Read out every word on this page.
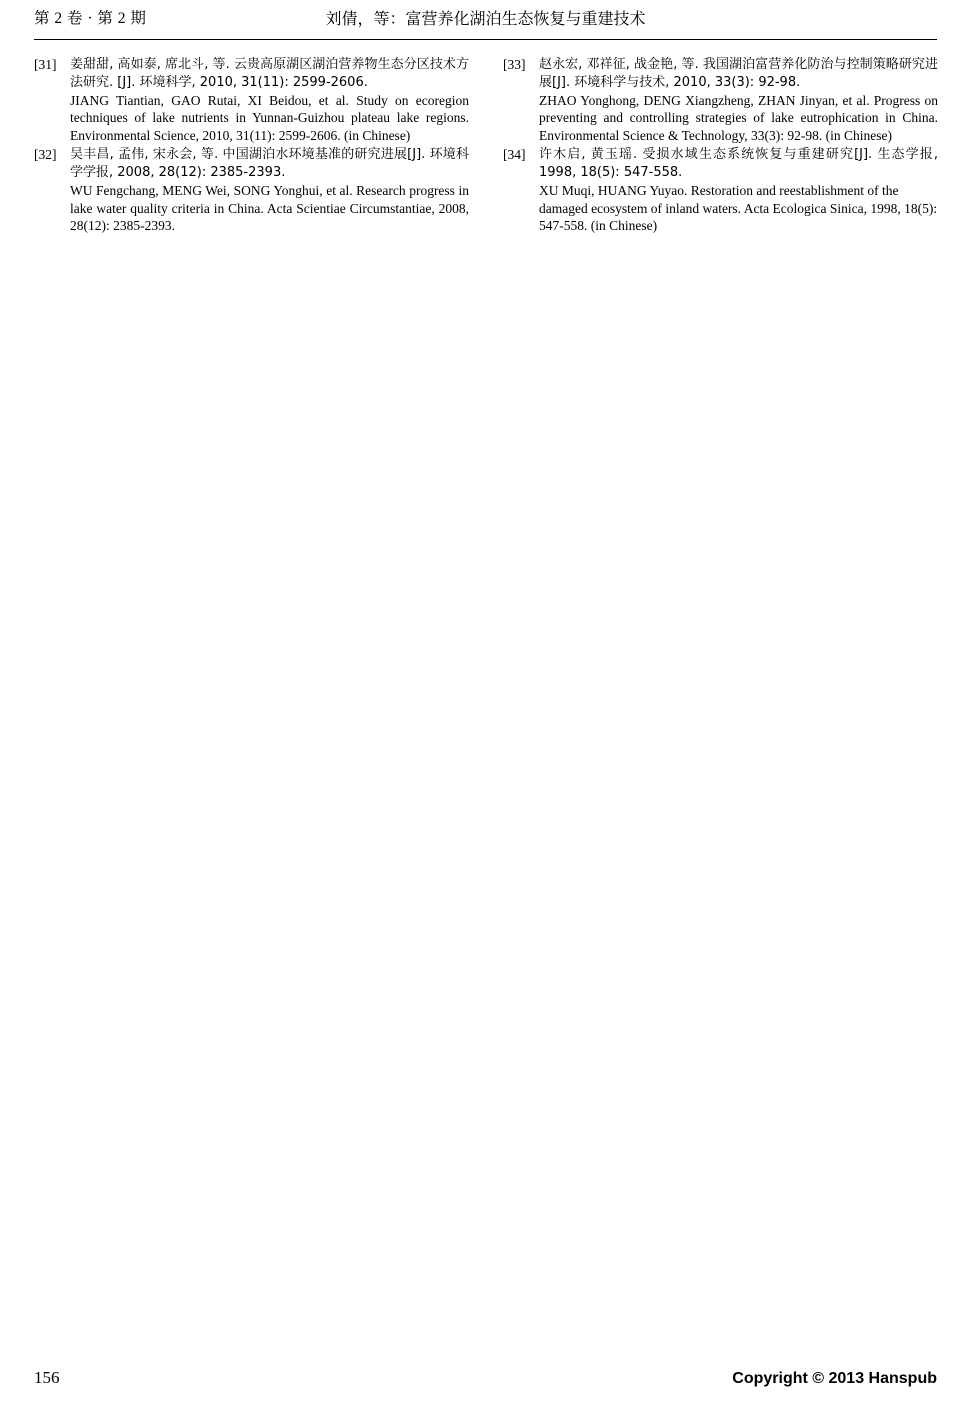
第 2 卷 · 第 2 期	刘倩，等：富营养化湖泊生态恢复与重建技术
[31]	姜甜甜, 高如泰, 席北斗, 等. 云贵高原湖区湖泊营养物生态分区技术方法研究. [J]. 环境科学, 2010, 31(11): 2599-2606.
JIANG Tiantian, GAO Rutai, XI Beidou, et al. Study on ecoregion techniques of lake nutrients in Yunnan-Guizhou plateau lake regions. Environmental Science, 2010, 31(11): 2599-2606. (in Chinese)
[32]	吴丰昌, 孟伟, 宋永会, 等. 中国湖泊水环境基准的研究进展[J]. 环境科学学报, 2008, 28(12): 2385-2393.
WU Fengchang, MENG Wei, SONG Yonghui, et al. Research progress in lake water quality criteria in China. Acta Scientiae Circumstantiae, 2008, 28(12): 2385-2393.
[33]	赵永宏, 邓祥征, 战金艳, 等. 我国湖泊富营养化防治与控制策略研究进展[J]. 环境科学与技术, 2010, 33(3): 92-98.
ZHAO Yonghong, DENG Xiangzheng, ZHAN Jinyan, et al. Progress on preventing and controlling strategies of lake eutrophication in China. Environmental Science & Technology, 33(3): 92-98. (in Chinese)
[34]	许木启, 黄玉瑶. 受损水域生态系统恢复与重建研究[J]. 生态学报, 1998, 18(5): 547-558.
XU Muqi, HUANG Yuyao. Restoration and reestablishment of the damaged ecosystem of inland waters. Acta Ecologica Sinica, 1998, 18(5): 547-558. (in Chinese)
156	Copyright © 2013 Hanspub
